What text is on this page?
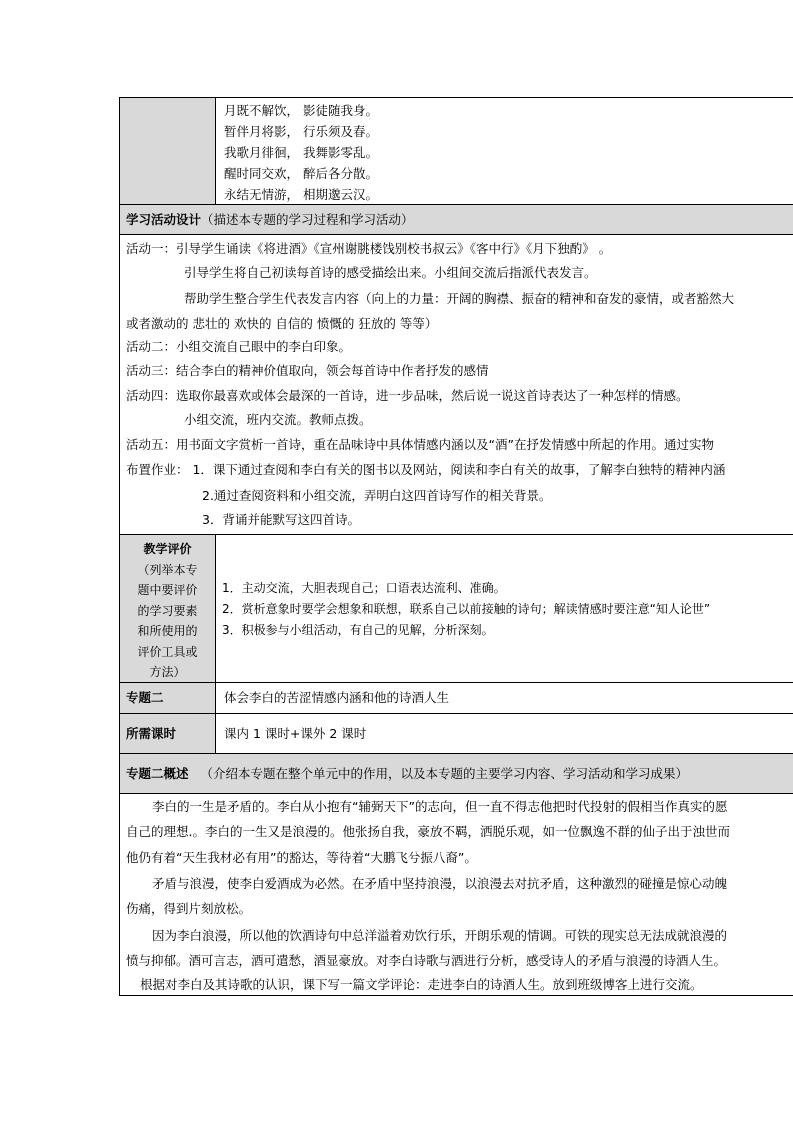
月既不解饮， 影徒随我身。
暂伴月将影， 行乐须及春。
我歌月徘徊， 我舞影零乱。
醒时同交欢， 醉后各分散。
永结无情游， 相期邈云汉。
学习活动设计（描述本专题的学习过程和学习活动）
活动一：引导学生诵读《将进酒》《宣州谢朓楼饯别校书叔云》《客中行》《月下独酌》 。
引导学生将自己初读每首诗的感受描绘出来。小组间交流后指派代表发言。
帮助学生整合学生代表发言内容（向上的力量：开阔的胸襟、振奋的精神和奋发的豪情，或者豁然大
或者激动的 悲壮的 欢快的 自信的 愤慨的 狂放的 等等）
活动二：小组交流自己眼中的李白印象。
活动三：结合李白的精神价值取向，领会每首诗中作者抒发的感情
活动四：选取你最喜欢或体会最深的一首诗，进一步品味，然后说一说这首诗表达了一种怎样的情感。
小组交流，班内交流。教师点拨。
活动五：用书面文字赏析一首诗，重在品味诗中具体情感内涵以及“酒”在抒发情感中所起的作用。通过实物
布置作业： 1．课下通过查阅和李白有关的图书以及网站，阅读和李白有关的故事，了解李白独特的精神内涵
2.通过查阅资料和小组交流，弄明白这四首诗写作的相关背景。
3．背诵并能默写这四首诗。
教学评价
（列举本专
题中要评价
的学习要素
和所使用的
评价工具或
方法）
1．主动交流，大胆表现自己；口语表达流利、准确。
2．赏析意象时要学会想象和联想，联系自己以前接触的诗句；解读情感时要注意“知人论世”
3．积极参与小组活动，有自己的见解，分析深刻。
专题二	体会李白的苦涩情感内涵和他的诗酒人生
所需课时	课内 1 课时+课外 2 课时
专题二概述 （介绍本专题在整个单元中的作用，以及本专题的主要学习内容、学习活动和学习成果）
李白的一生是矛盾的。李白从小抱有“辅弼天下”的志向，但一直不得志他把时代投射的假相当作真实的愿
自己的理想.。李白的一生又是浪漫的。他张扬自我，豪放不羁，洒脱乐观，如一位飘逸不群的仙子出于浊世而
他仍有着“天生我材必有用”的豁达，等待着“大鹏飞兮振八裔”。
矛盾与浪漫，使李白爱酒成为必然。在矛盾中坚持浪漫，以浪漫去对抗矛盾，这种激烈的碰撞是惊心动魄
伤痛，得到片刻放松。
因为李白浪漫，所以他的饮酒诗句中总洋溢着劝饮行乐，开朗乐观的情调。可铁的现实总无法成就浪漫的
愤与抑郁。酒可言志，酒可遣愁，酒显豪放。对李白诗歌与酒进行分析，感受诗人的矛盾与浪漫的诗酒人生。
根据对李白及其诗歌的认识，课下写一篇文学评论：走进李白的诗酒人生。放到班级博客上进行交流。
